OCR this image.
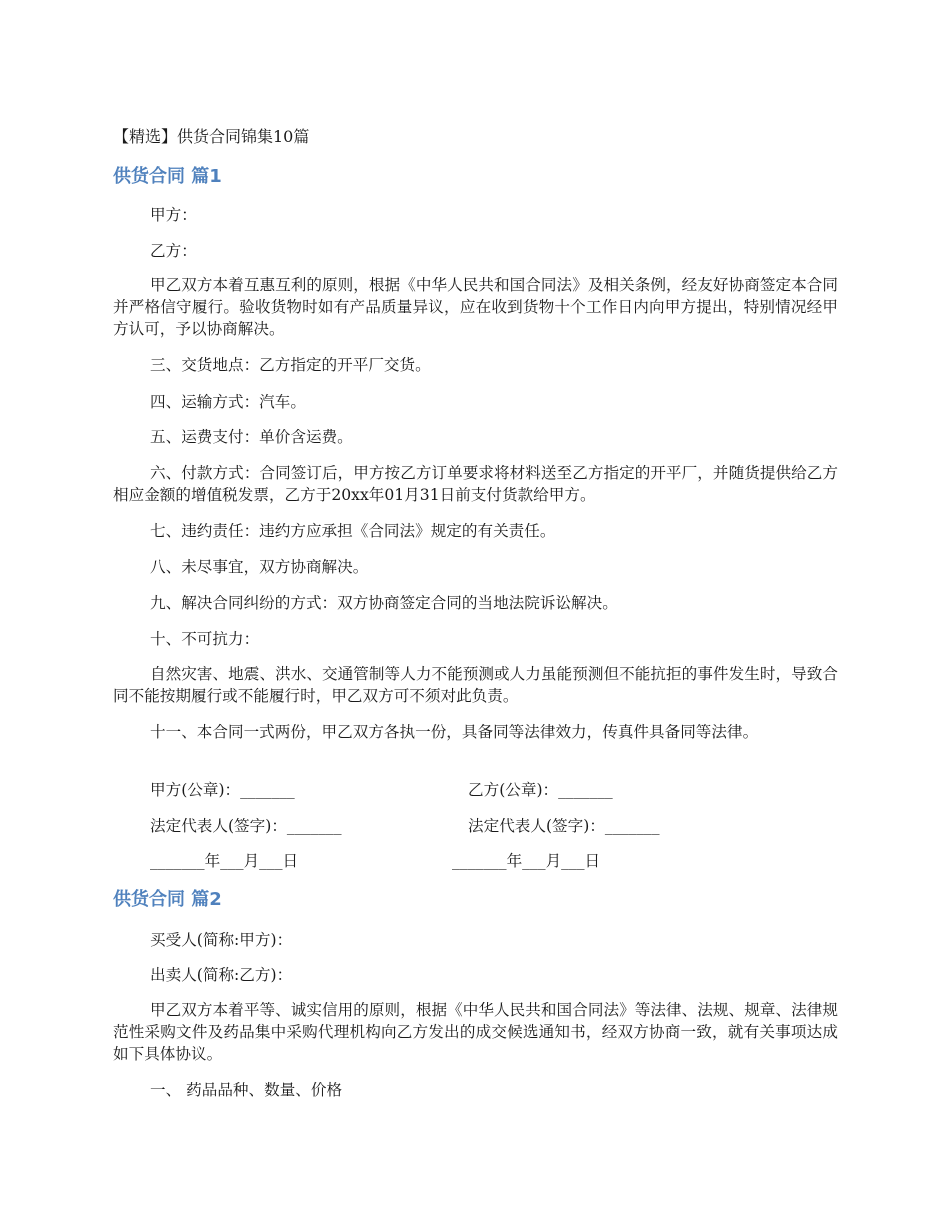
【精选】供货合同锦集10篇
供货合同 篇1

甲方：

乙方：

甲乙双方本着互惠互利的原则，根据《中华人民共和国合同法》及相关条例，经友好协商签定本合同并严格信守履行。验收货物时如有产品质量异议，应在收到货物十个工作日内向甲方提出，特别情况经甲方认可，予以协商解决。

三、交货地点：乙方指定的开平厂交货。

四、运输方式：汽车。

五、运费支付：单价含运费。

六、付款方式：合同签订后，甲方按乙方订单要求将材料送至乙方指定的开平厂，并随货提供给乙方相应金额的增值税发票，乙方于20xx年01月31日前支付货款给甲方。

七、违约责任：违约方应承担《合同法》规定的有关责任。

八、未尽事宜，双方协商解决。

九、解决合同纠纷的方式：双方协商签定合同的当地法院诉讼解决。

十、不可抗力：

自然灾害、地震、洪水、交通管制等人力不能预测或人力虽能预测但不能抗拒的事件发生时，导致合同不能按期履行或不能履行时，甲乙双方可不须对此负责。

十一、本合同一式两份，甲乙双方各执一份，具备同等法律效力，传真件具备同等法律。

甲方(公章)：_______	乙方(公章)：_______
法定代表人(签字)：_______	法定代表人(签字)：_______
_______年___月___日	_______年___月___日
供货合同 篇2

买受人(简称:甲方)：

出卖人(简称:乙方)：

甲乙双方本着平等、诚实信用的原则，根据《中华人民共和国合同法》等法律、法规、规章、法律规范性采购文件及药品集中采购代理机构向乙方发出的成交候选通知书，经双方协商一致，就有关事项达成如下具体协议。

一、 药品品种、数量、价格
